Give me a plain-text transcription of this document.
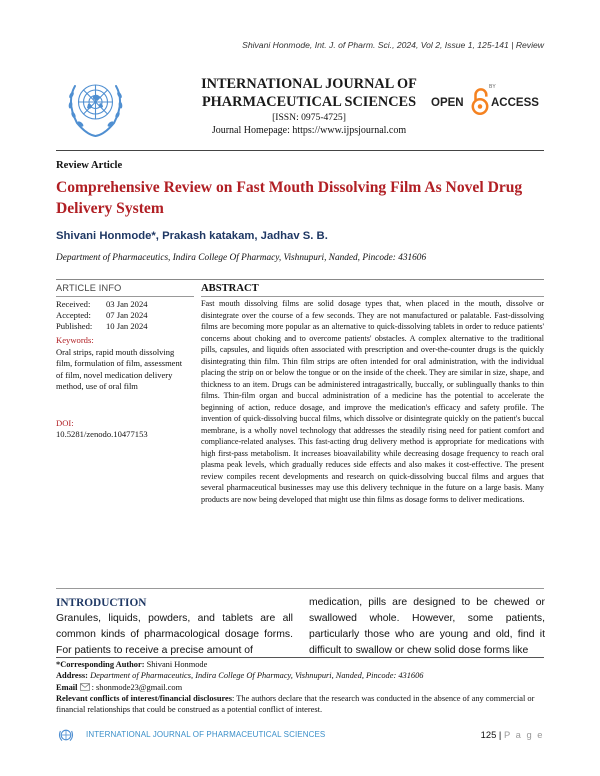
Shivani Honmode, Int. J. of Pharm. Sci., 2024, Vol 2, Issue 1, 125-141 | Review
INTERNATIONAL JOURNAL OF
PHARMACEUTICAL SCIENCES
[ISSN: 0975-4725]
Journal Homepage: https://www.ijpsjournal.com
OPEN
BY
ACCESS
Review Article
Comprehensive Review on Fast Mouth Dissolving Film As Novel Drug Delivery System
Shivani Honmode*, Prakash katakam, Jadhav S. B.
Department of Pharmaceutics, Indira College Of Pharmacy, Vishnupuri, Nanded, Pincode: 431606
ARTICLE INFO	ABSTRACT
Received: 03 Jan 2024
Accepted: 07 Jan 2024
Published: 10 Jan 2024
Keywords:
Oral strips, rapid mouth dissolving film, formulation of film, assessment of film, novel medication delivery method, use of oral film
DOI:
10.5281/zenodo.10477153
Fast mouth dissolving films are solid dosage types that, when placed in the mouth, dissolve or disintegrate over the course of a few seconds. They are not manufactured or palatable. Fast-dissolving films are becoming more popular as an alternative to quick-dissolving tablets in order to reduce patients' concerns about choking and to overcome patients' obstacles. A complex alternative to the traditional pills, capsules, and liquids often associated with prescription and over-the-counter drugs is the quickly disintegrating thin film. Thin film strips are often intended for oral administration, with the individual placing the strip on or below the tongue or on the inside of the cheek. They are similar in size, shape, and thickness to an item. Drugs can be administered intragastrically, buccally, or sublingually thanks to thin films. Thin-film organ and buccal administration of a medicine has the potential to accelerate the beginning of action, reduce dosage, and improve the medication's efficacy and safety profile. The invention of quick-dissolving buccal films, which dissolve or disintegrate quickly on the patient's buccal membrane, is a wholly novel technology that addresses the steadily rising need for patient comfort and compliance-related analyses. This fast-acting drug delivery method is appropriate for medications with high first-pass metabolism. It increases bioavailability while decreasing dosage frequency to reach oral plasma peak levels, which gradually reduces side effects and also makes it cost-effective. The present review compiles recent developments and research on quick-dissolving buccal films and argues that several pharmaceutical businesses may use this delivery technique in the future on a large basis. Many products are now being developed that might use thin films as dosage forms to deliver medications.
INTRODUCTION
Granules, liquids, powders, and tablets are all common kinds of pharmacological dosage forms. For patients to receive a precise amount of
medication, pills are designed to be chewed or swallowed whole. However, some patients, particularly those who are young and old, find it difficult to swallow or chew solid dose forms like
*Corresponding Author: Shivani Honmode
Address: Department of Pharmaceutics, Indira College Of Pharmacy, Vishnupuri, Nanded, Pincode: 431606
Email : shonmode23@gmail.com
Relevant conflicts of interest/financial disclosures: The authors declare that the research was conducted in the absence of any commercial or financial relationships that could be construed as a potential conflict of interest.
INTERNATIONAL JOURNAL OF PHARMACEUTICAL SCIENCES	125 | P a g e
